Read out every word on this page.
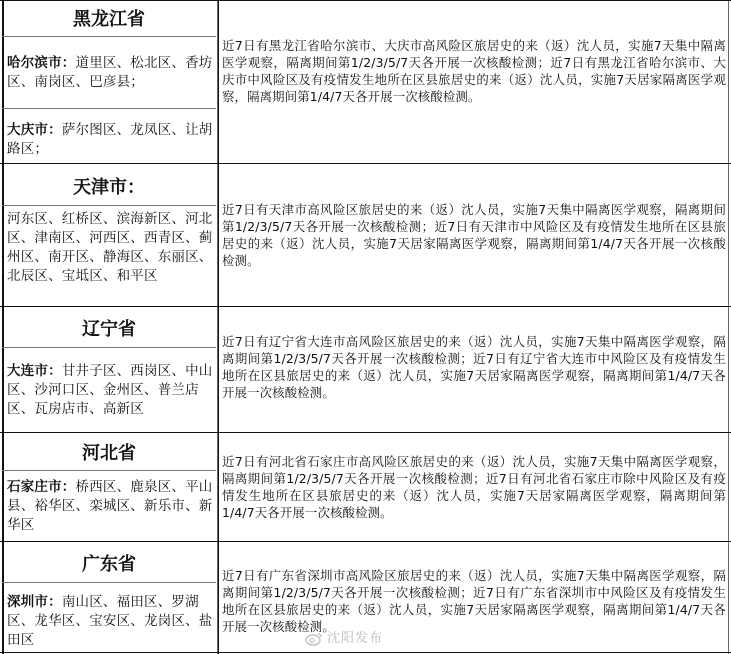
黑龙江省
哈尔滨市：道里区、松北区、香坊区、南岗区、巴彦县；
大庆市：萨尔图区、龙凤区、让胡路区；
近7日有黑龙江省哈尔滨市、大庆市高风险区旅居史的来（返）沈人员，实施7天集中隔离医学观察，隔离期间第1/2/3/5/7天各开展一次核酸检测；近7日有黑龙江省哈尔滨市、大庆市中风险区及有疫情发生地所在区县旅居史的来（返）沈人员，实施7天居家隔离医学观察，隔离期间第1/4/7天各开展一次核酸检测。
天津市：
河东区、红桥区、滨海新区、河北区、津南区、河西区、西青区、蓟州区、南开区、静海区、东丽区、北辰区、宝坻区、和平区
近7日有天津市高风险区旅居史的来（返）沈人员，实施7天集中隔离医学观察，隔离期间第1/2/3/5/7天各开展一次核酸检测；近7日有天津市中风险区及有疫情发生地所在区县旅居史的来（返）沈人员，实施7天居家隔离医学观察，隔离期间第1/4/7天各开展一次核酸检测。
辽宁省
大连市：甘井子区、西岗区、中山区、沙河口区、金州区、普兰店区、瓦房店市、高新区
近7日有辽宁省大连市高风险区旅居史的来（返）沈人员，实施7天集中隔离医学观察，隔离期间第1/2/3/5/7天各开展一次核酸检测；近7日有辽宁省大连市中风险区及有疫情发生地所在区县旅居史的来（返）沈人员，实施7天居家隔离医学观察，隔离期间第1/4/7天各开展一次核酸检测。
河北省
石家庄市：桥西区、鹿泉区、平山县、裕华区、栾城区、新乐市、新华区
近7日有河北省石家庄市高风险区旅居史的来（返）沈人员，实施7天集中隔离医学观察，隔离期间第1/2/3/5/7天各开展一次核酸检测；近7日有河北省石家庄市除中风险区及有疫情发生地所在区县旅居史的来（返）沈人员，实施7天居家隔离医学观察，隔离期间第1/4/7天各开展一次核酸检测。
广东省
深圳市：南山区、福田区、罗湖区、龙华区、宝安区、龙岗区、盐田区
近7日有广东省深圳市高风险区旅居史的来（返）沈人员，实施7天集中隔离医学观察，隔离期间第1/2/3/5/7天各开展一次核酸检测；近7日有广东省深圳市中风险区及有疫情发生地所在区县旅居史的来（返）沈人员，实施7天居家隔离医学观察，隔离期间第1/4/7天各开展一次核酸检测。
沈阳发布
